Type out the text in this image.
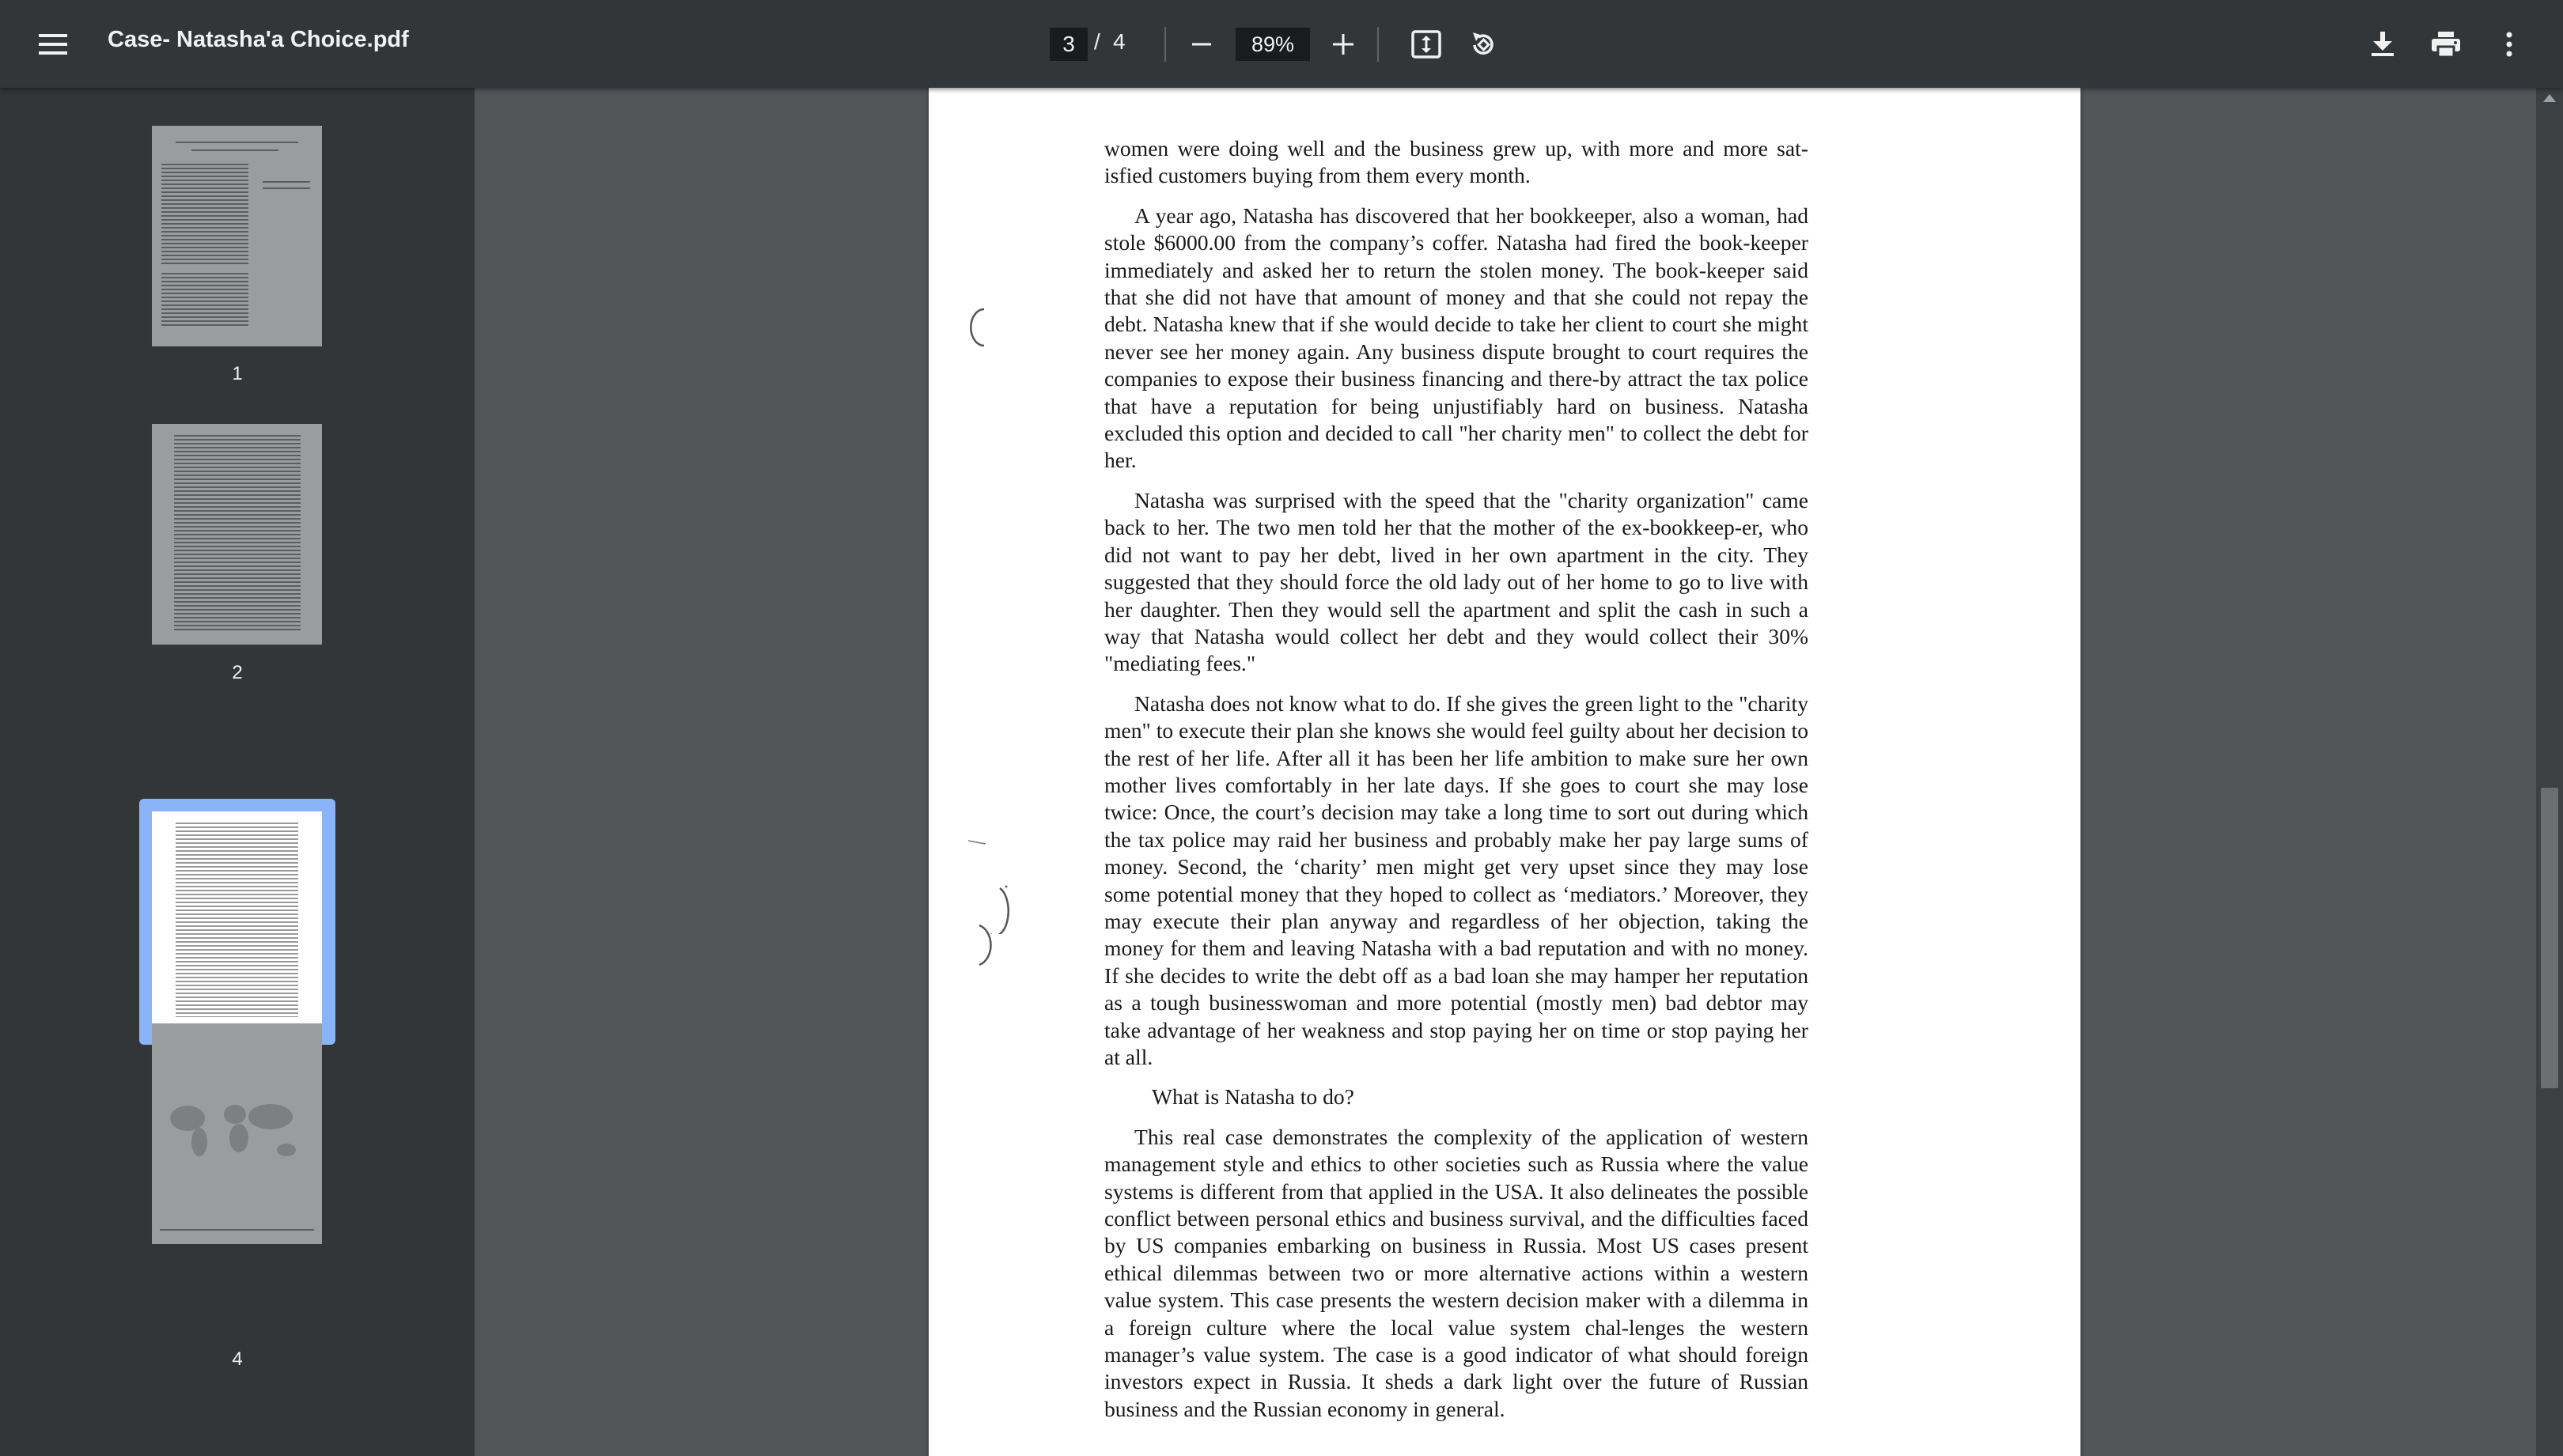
Case- Natasha'a Choice.pdf
3	/ 4	89%
1
2
4

women were doing well and the business grew up, with more and more sat-isfied customers buying from them every month.

A year ago, Natasha has discovered that her bookkeeper, also a woman, had stole $6000.00 from the company’s coffer. Natasha had fired the book-keeper immediately and asked her to return the stolen money. The book-keeper said that she did not have that amount of money and that she could not repay the debt. Natasha knew that if she would decide to take her client to court she might never see her money again. Any business dispute brought to court requires the companies to expose their business financing and there-by attract the tax police that have a reputation for being unjustifiably hard on business. Natasha excluded this option and decided to call "her charity men" to collect the debt for her.

Natasha was surprised with the speed that the "charity organization" came back to her. The two men told her that the mother of the ex-bookkeep-er, who did not want to pay her debt, lived in her own apartment in the city. They suggested that they should force the old lady out of her home to go to live with her daughter. Then they would sell the apartment and split the cash in such a way that Natasha would collect her debt and they would collect their 30% "mediating fees."

Natasha does not know what to do. If she gives the green light to the "charity men" to execute their plan she knows she would feel guilty about her decision to the rest of her life. After all it has been her life ambition to make sure her own mother lives comfortably in her late days. If she goes to court she may lose twice: Once, the court’s decision may take a long time to sort out during which the tax police may raid her business and probably make her pay large sums of money. Second, the ‘charity’ men might get very upset since they may lose some potential money that they hoped to collect as ‘mediators.’ Moreover, they may execute their plan anyway and regardless of her objection, taking the money for them and leaving Natasha with a bad reputation and with no money. If she decides to write the debt off as a bad loan she may hamper her reputation as a tough businesswoman and more potential (mostly men) bad debtor may take advantage of her weakness and stop paying her on time or stop paying her at all.

What is Natasha to do?

This real case demonstrates the complexity of the application of western management style and ethics to other societies such as Russia where the value systems is different from that applied in the USA. It also delineates the possible conflict between personal ethics and business survival, and the difficulties faced by US companies embarking on business in Russia. Most US cases present ethical dilemmas between two or more alternative actions within a western value system. This case presents the western decision maker with a dilemma in a foreign culture where the local value system chal-lenges the western manager’s value system. The case is a good indicator of what should foreign investors expect in Russia. It sheds a dark light over the future of Russian business and the Russian economy in general.
